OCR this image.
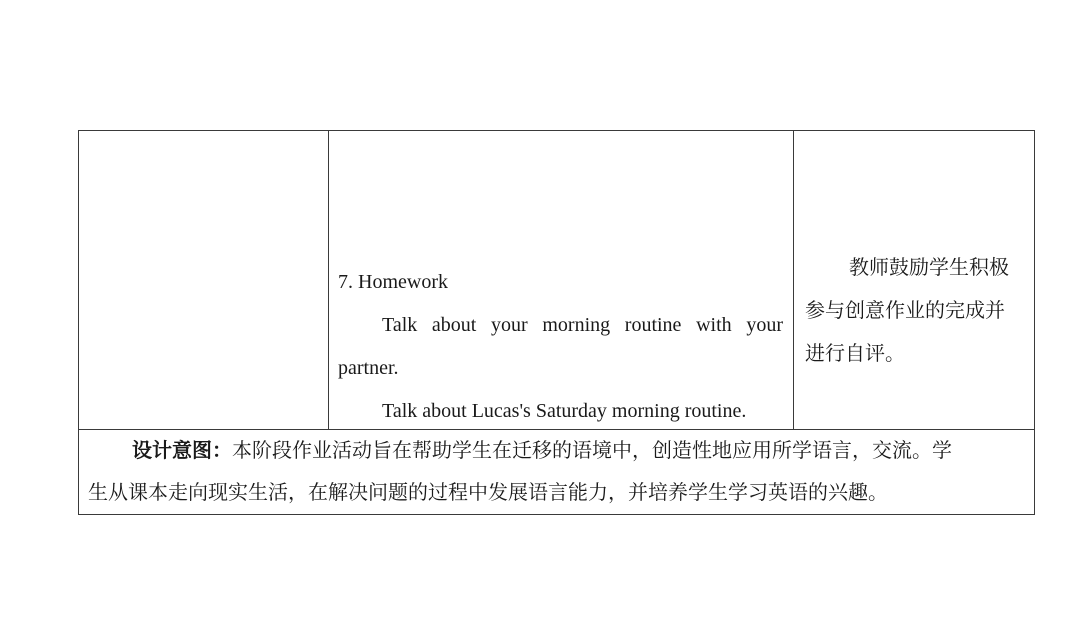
7. Homework
Talk about your morning routine with your
partner.
Talk about Lucas's Saturday morning routine.
教师鼓励学生积极
参与创意作业的完成并
进行自评。
设计意图：本阶段作业活动旨在帮助学生在迁移的语境中，创造性地应用所学语言，交流。学
生从课本走向现实生活，在解决问题的过程中发展语言能力，并培养学生学习英语的兴趣。
